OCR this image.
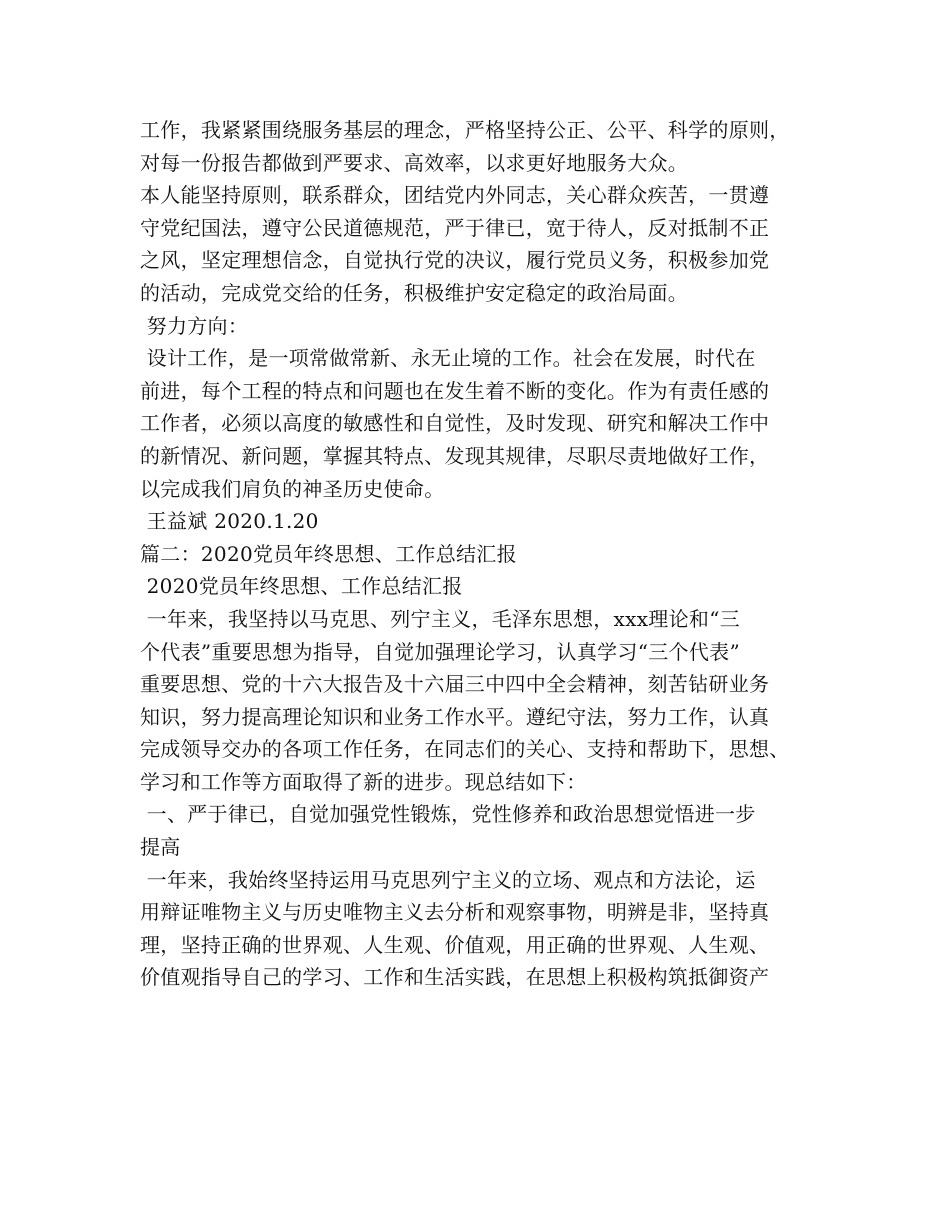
工作，我紧紧围绕服务基层的理念，严格坚持公正、公平、科学的原则，
对每一份报告都做到严要求、高效率，以求更好地服务大众。
本人能坚持原则，联系群众，团结党内外同志，关心群众疾苦，一贯遵
守党纪国法，遵守公民道德规范，严于律已，宽于待人，反对抵制不正
之风，坚定理想信念，自觉执行党的决议，履行党员义务，积极参加党
的活动，完成党交给的任务，积极维护安定稳定的政治局面。
努力方向：
设计工作，是一项常做常新、永无止境的工作。社会在发展，时代在
前进，每个工程的特点和问题也在发生着不断的变化。作为有责任感的
工作者，必须以高度的敏感性和自觉性，及时发现、研究和解决工作中
的新情况、新问题，掌握其特点、发现其规律，尽职尽责地做好工作，
以完成我们肩负的神圣历史使命。
王益斌 2020.1.20
篇二：2020党员年终思想、工作总结汇报
2020党员年终思想、工作总结汇报
一年来，我坚持以马克思、列宁主义，毛泽东思想，xxx理论和“三
个代表”重要思想为指导，自觉加强理论学习，认真学习“三个代表”
重要思想、党的十六大报告及十六届三中四中全会精神，刻苦钻研业务
知识，努力提高理论知识和业务工作水平。遵纪守法，努力工作，认真
完成领导交办的各项工作任务，在同志们的关心、支持和帮助下，思想、
学习和工作等方面取得了新的进步。现总结如下：
一、严于律已，自觉加强党性锻炼，党性修养和政治思想觉悟进一步
提高
一年来，我始终坚持运用马克思列宁主义的立场、观点和方法论，运
用辩证唯物主义与历史唯物主义去分析和观察事物，明辨是非，坚持真
理，坚持正确的世界观、人生观、价值观，用正确的世界观、人生观、
价值观指导自己的学习、工作和生活实践，在思想上积极构筑抵御资产
